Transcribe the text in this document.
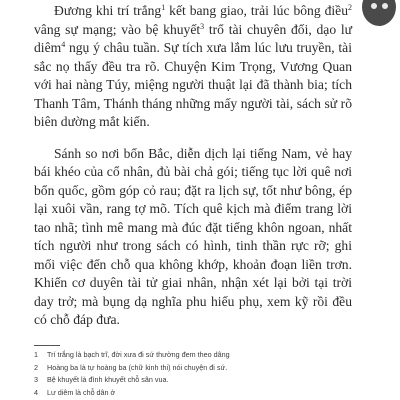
Đương khi trí trắng$^1$ kết bang giao, trải lúc bông điều$^2$ vâng sự mạng; vào bệ khuyết$^3$ trổ tài chuyên đối, dạo lư diêm$^4$ ngụ ý châu tuần. Sự tích xưa lắm lúc lưu truyền, tài sắc nọ thấy đều tra rõ. Chuyện Kim Trọng, Vương Quan với hai nàng Túy, miệng người thuật lại đã thành bia; tích Thanh Tâm, Thánh tháng những mấy người tài, sách sử rõ biên dường mắt kiến.

Sánh so nơi bổn Bắc, diễn dịch lại tiếng Nam, vẻ hay bái khéo của cổ nhân, đủ bài chả gói; tiếng tục lời quê nơi bổn quốc, gồm góp cỏ rau; đặt ra lịch sự, tốt như bông, ép lại xuôi vần, rang tợ mõ. Tích quê kịch mà điểm trang lời tao nhã; tình mê mang mà đúc đặt tiếng khôn ngoan, nhất tích người như trong sách có hình, tinh thần rực rỡ; ghi mối việc đến chỗ qua không khớp, khoản đoạn liền trơn. Khiến cơ duyên tài tử giai nhân, nhận xét lại bởi tại trời day trở; mà bụng dạ nghĩa phu hiếu phụ, xem kỹ rồi đều có chỗ đáp đưa.

1	Trí trắng là bạch trĩ, đời xưa đi sứ thường đem theo dâng
2	Hoàng ba là tự hoàng ba (chữ kinh thi) nói chuyện đi sứ.
3	Bệ khuyết là đình khuyết chỗ sân vua.
4	Lư diêm là chỗ dân ở
